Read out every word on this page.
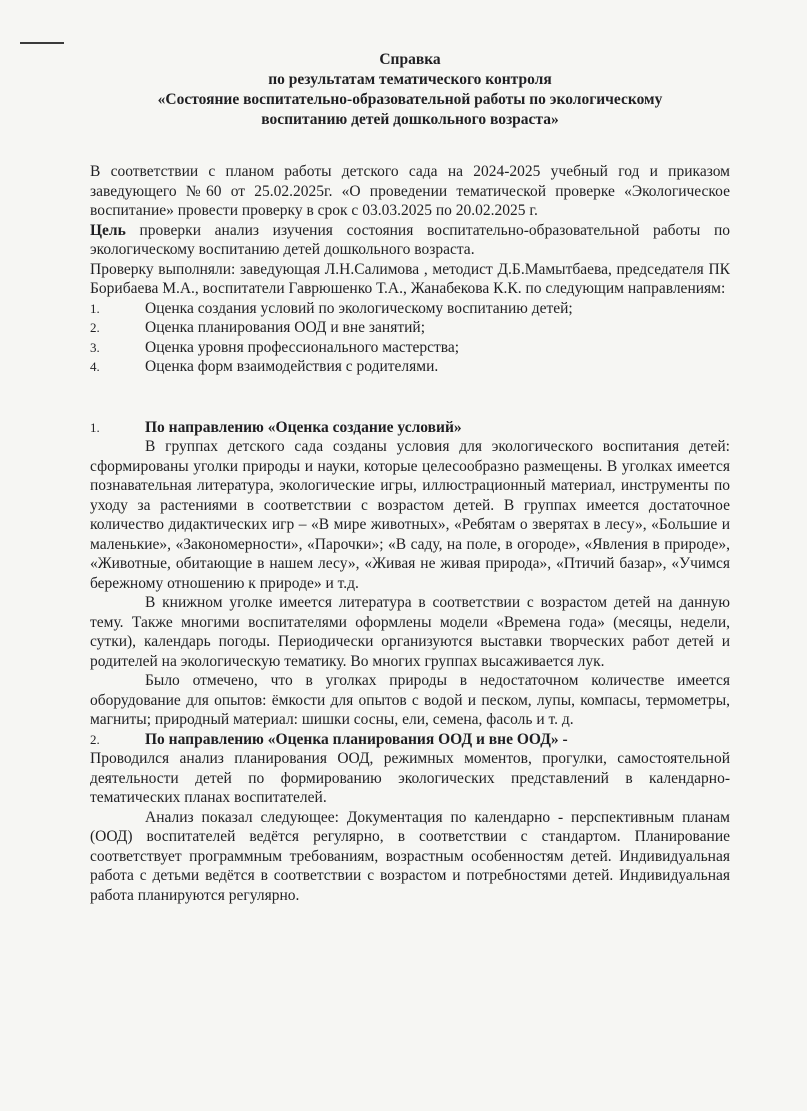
Справка
по результатам тематического контроля
«Состояние воспитательно-образовательной работы по экологическому
воспитанию детей дошкольного возраста»

В соответствии с планом работы детского сада на 2024-2025 учебный год и приказом заведующего №60 от 25.02.2025г. «О проведении тематической проверке «Экологическое воспитание» провести проверку в срок с 03.03.2025 по 20.02.2025 г.

Цель проверки анализ изучения состояния воспитательно-образовательной работы по экологическому воспитанию детей дошкольного возраста.

Проверку выполняли: заведующая Л.Н.Салимова , методист Д.Б.Мамытбаева, председателя ПК Борибаева М.А., воспитатели Гаврюшенко Т.А., Жанабекова К.К. по следующим направлениям:

1.	Оценка создания условий по экологическому воспитанию детей;
2.	Оценка планирования ООД и вне занятий;
3.	Оценка уровня профессионального мастерства;
4.	Оценка форм взаимодействия с родителями.
1.	По направлению «Оценка создание условий»

В группах детского сада созданы условия для экологического воспитания детей: сформированы уголки природы и науки, которые целесообразно размещены. В уголках имеется познавательная литература, экологические игры, иллюстрационный материал, инструменты по уходу за растениями в соответствии с возрастом детей. В группах имеется достаточное количество дидактических игр – «В мире животных», «Ребятам о зверятах в лесу», «Большие и маленькие», «Закономерности», «Парочки»; «В саду, на поле, в огороде», «Явления в природе», «Животные, обитающие в нашем лесу», «Живая не живая природа», «Птичий базар», «Учимся бережному отношению к природе» и т.д.

В книжном уголке имеется литература в соответствии с возрастом детей на данную тему. Также многими воспитателями оформлены модели «Времена года» (месяцы, недели, сутки), календарь погоды. Периодически организуются выставки творческих работ детей и родителей на экологическую тематику. Во многих группах высаживается лук.

Было отмечено, что в уголках природы в недостаточном количестве имеется оборудование для опытов: ёмкости для опытов с водой и песком, лупы, компасы, термометры, магниты; природный материал: шишки сосны, ели, семена, фасоль и т. д.

2.	По направлению «Оценка планирования ООД и вне ООД» -

Проводился анализ планирования ООД, режимных моментов, прогулки, самостоятельной деятельности детей по формированию экологических представлений в календарно-тематических планах воспитателей.

Анализ показал следующее: Документация по календарно - перспективным планам (ООД) воспитателей ведётся регулярно, в соответствии с стандартом. Планирование соответствует программным требованиям, возрастным особенностям детей. Индивидуальная работа с детьми ведётся в соответствии с возрастом и потребностями детей. Индивидуальная работа планируются регулярно.
